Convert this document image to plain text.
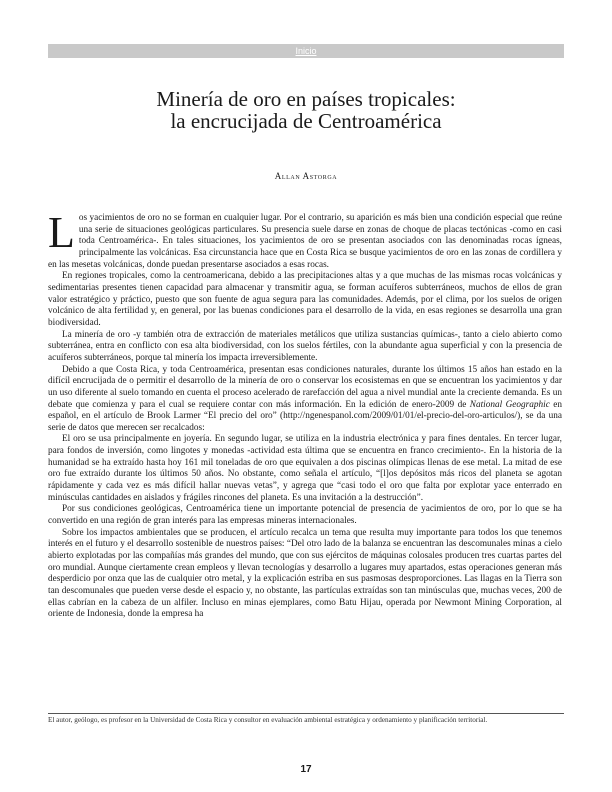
Inicio
Minería de oro en países tropicales:
la encrucijada de Centroamérica
Allan Astorga

Los yacimientos de oro no se forman en cualquier lugar. Por el contrario, su aparición es más bien una condición especial que reúne una serie de situaciones geológicas particulares. Su presencia suele darse en zonas de choque de placas tectónicas -como en casi toda Centroamérica-. En tales situaciones, los yacimientos de oro se presentan asociados con las denominadas rocas ígneas, principalmente las volcánicas. Esa circunstancia hace que en Costa Rica se busque yacimientos de oro en las zonas de cordillera y en las mesetas volcánicas, donde puedan presentarse asociados a esas rocas.

En regiones tropicales, como la centroamericana, debido a las precipitaciones altas y a que muchas de las mismas rocas volcánicas y sedimentarias presentes tienen capacidad para almacenar y transmitir agua, se forman acuíferos subterráneos, muchos de ellos de gran valor estratégico y práctico, puesto que son fuente de agua segura para las comunidades. Además, por el clima, por los suelos de origen volcánico de alta fertilidad y, en general, por las buenas condiciones para el desarrollo de la vida, en esas regiones se desarrolla una gran biodiversidad.

La minería de oro -y también otra de extracción de materiales metálicos que utiliza sustancias químicas-, tanto a cielo abierto como subterránea, entra en conflicto con esa alta biodiversidad, con los suelos fértiles, con la abundante agua superficial y con la presencia de acuíferos subterráneos, porque tal minería los impacta irreversiblemente.

Debido a que Costa Rica, y toda Centroamérica, presentan esas condiciones naturales, durante los últimos 15 años han estado en la difícil encrucijada de o permitir el desarrollo de la minería de oro o conservar los ecosistemas en que se encuentran los yacimientos y dar un uso diferente al suelo tomando en cuenta el proceso acelerado de rarefacción del agua a nivel mundial ante la creciente demanda. Es un debate que comienza y para el cual se requiere contar con más información. En la edición de enero-2009 de National Geographic en español, en el artículo de Brook Larmer “El precio del oro” (http://ngenespanol.com/2009/01/01/el-precio-del-oro-articulos/), se da una serie de datos que merecen ser recalcados:

El oro se usa principalmente en joyería. En segundo lugar, se utiliza en la industria electrónica y para fines dentales. En tercer lugar, para fondos de inversión, como lingotes y monedas -actividad esta última que se encuentra en franco crecimiento-. En la historia de la humanidad se ha extraído hasta hoy 161 mil toneladas de oro que equivalen a dos piscinas olímpicas llenas de ese metal. La mitad de ese oro fue extraído durante los últimos 50 años. No obstante, como señala el artículo, “[l]os depósitos más ricos del planeta se agotan rápidamente y cada vez es más difícil hallar nuevas vetas”, y agrega que “casi todo el oro que falta por explotar yace enterrado en minúsculas cantidades en aislados y frágiles rincones del planeta. Es una invitación a la destrucción”.

Por sus condiciones geológicas, Centroamérica tiene un importante potencial de presencia de yacimientos de oro, por lo que se ha convertido en una región de gran interés para las empresas mineras internacionales.

Sobre los impactos ambientales que se producen, el artículo recalca un tema que resulta muy importante para todos los que tenemos interés en el futuro y el desarrollo sostenible de nuestros países: “Del otro lado de la balanza se encuentran las descomunales minas a cielo abierto explotadas por las compañías más grandes del mundo, que con sus ejércitos de máquinas colosales producen tres cuartas partes del oro mundial. Aunque ciertamente crean empleos y llevan tecnologías y desarrollo a lugares muy apartados, estas operaciones generan más desperdicio por onza que las de cualquier otro metal, y la explicación estriba en sus pasmosas desproporciones. Las llagas en la Tierra son tan descomunales que pueden verse desde el espacio y, no obstante, las partículas extraídas son tan minúsculas que, muchas veces, 200 de ellas cabrían en la cabeza de un alfiler. Incluso en minas ejemplares, como Batu Hijau, operada por Newmont Mining Corporation, al oriente de Indonesia, donde la empresa ha

El autor, geólogo, es profesor en la Universidad de Costa Rica y consultor en evaluación ambiental estratégica y ordenamiento y planificación territorial.
17
